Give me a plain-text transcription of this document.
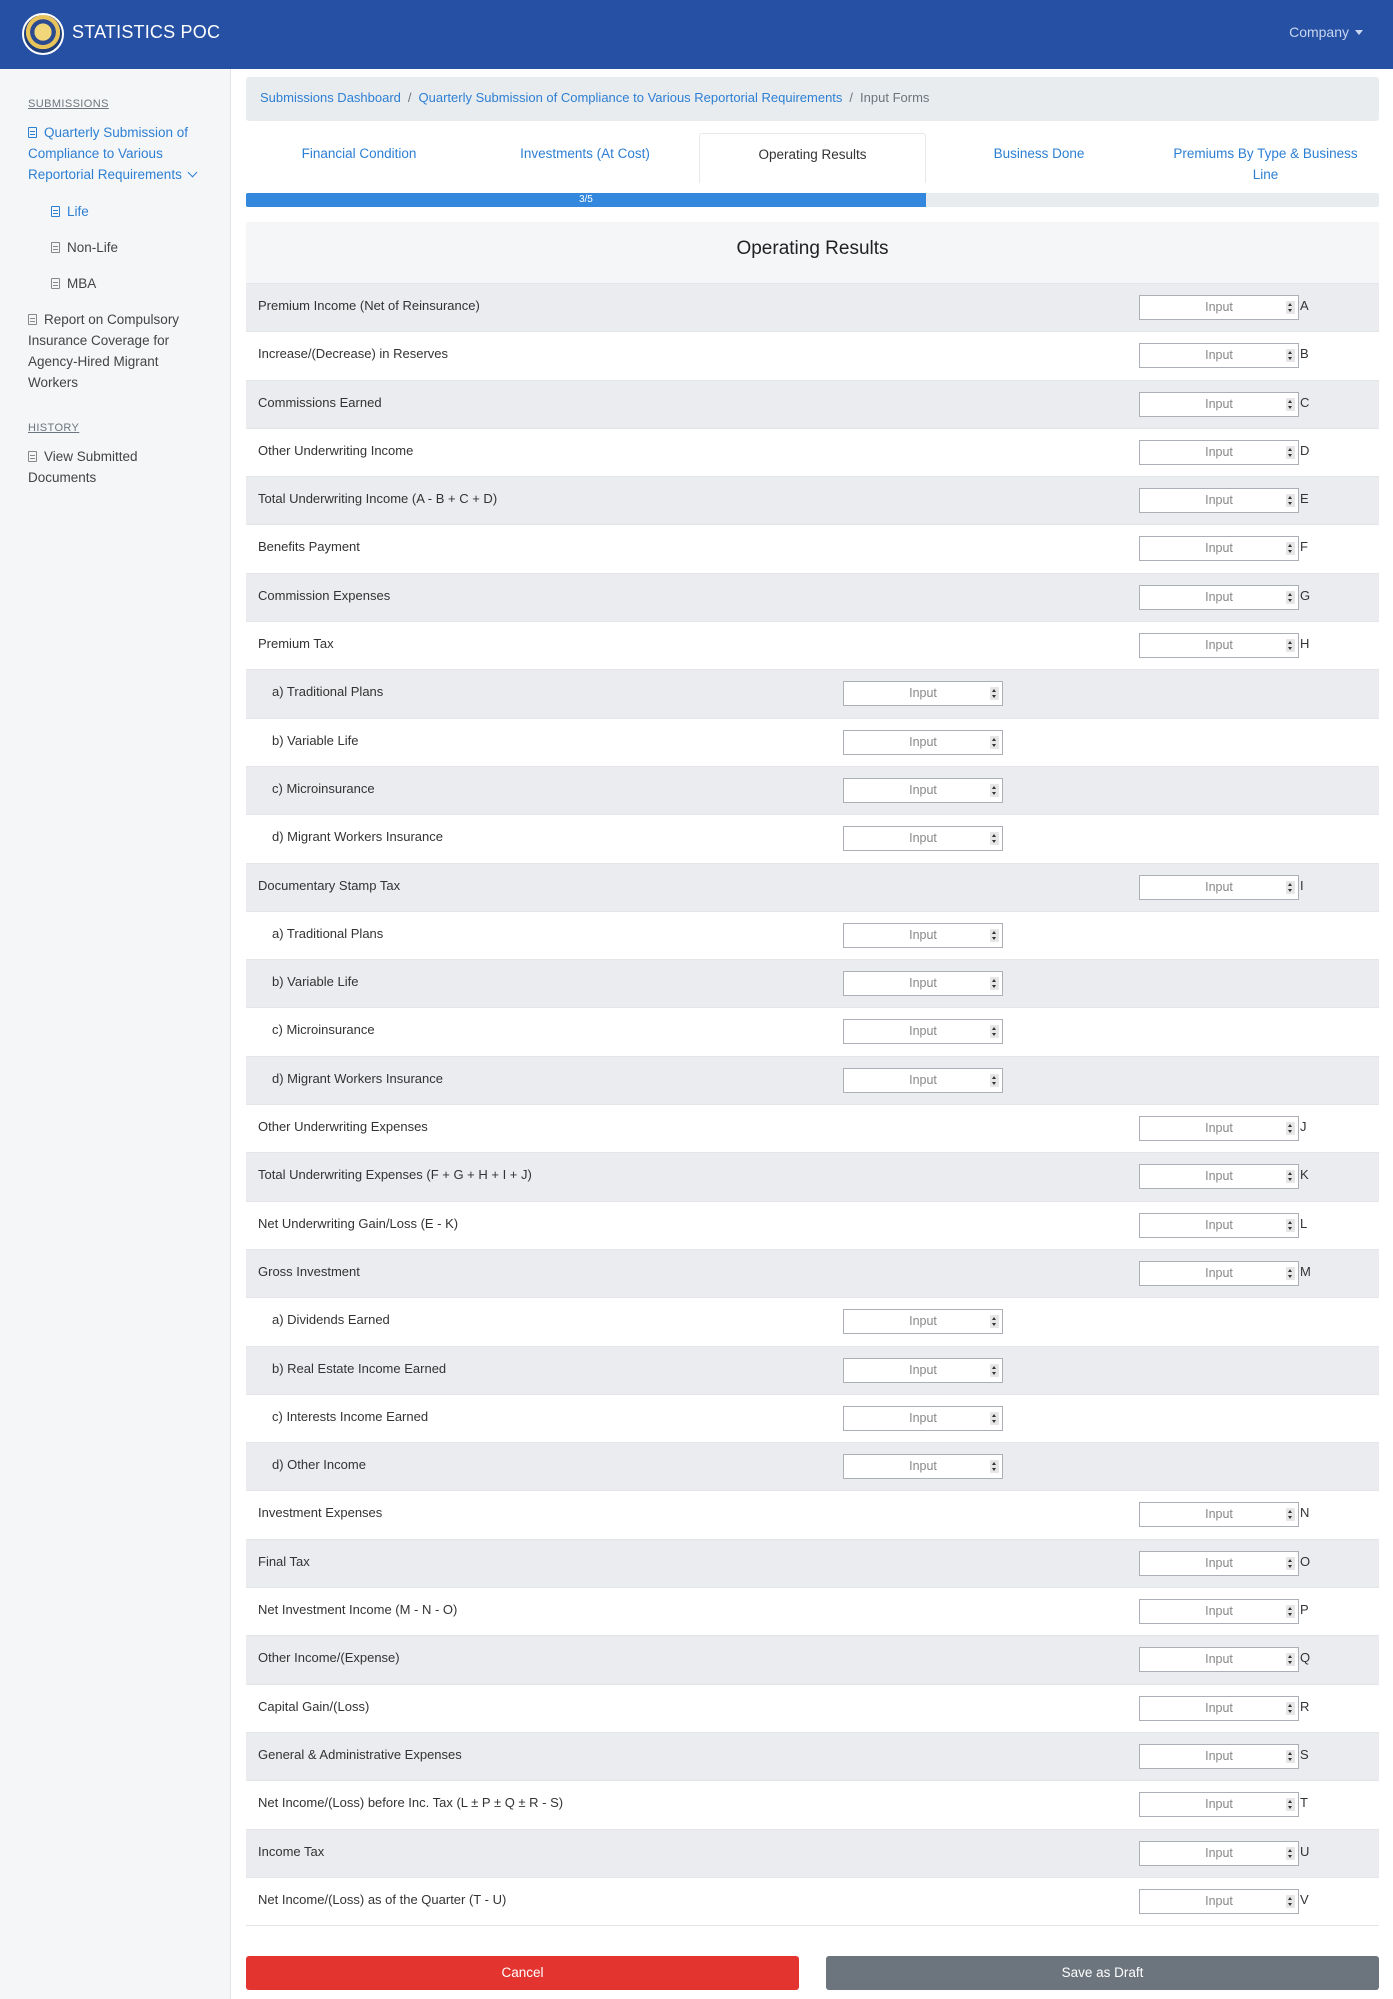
STATISTICS POC	Company
SUBMISSIONS
Quarterly Submission of Compliance to Various Reportorial Requirements
Life
Non-Life
MBA
Report on Compulsory Insurance Coverage for Agency-Hired Migrant Workers
HISTORY
View Submitted Documents
Submissions Dashboard / Quarterly Submission of Compliance to Various Reportorial Requirements / Input Forms
Financial Condition	Investments (At Cost)	Operating Results	Business Done	Premiums By Type & Business Line
3/5
Operating Results
Premium Income (Net of Reinsurance)	Input	A
Increase/(Decrease) in Reserves	Input	B
Commissions Earned	Input	C
Other Underwriting Income	Input	D
Total Underwriting Income (A - B + C + D)	Input	E
Benefits Payment	Input	F
Commission Expenses	Input	G
Premium Tax	Input	H
a) Traditional Plans	Input
b) Variable Life	Input
c) Microinsurance	Input
d) Migrant Workers Insurance	Input
Documentary Stamp Tax	Input	I
a) Traditional Plans	Input
b) Variable Life	Input
c) Microinsurance	Input
d) Migrant Workers Insurance	Input
Other Underwriting Expenses	Input	J
Total Underwriting Expenses (F + G + H + I + J)	Input	K
Net Underwriting Gain/Loss (E - K)	Input	L
Gross Investment	Input	M
a) Dividends Earned	Input
b) Real Estate Income Earned	Input
c) Interests Income Earned	Input
d) Other Income	Input
Investment Expenses	Input	N
Final Tax	Input	O
Net Investment Income (M - N - O)	Input	P
Other Income/(Expense)	Input	Q
Capital Gain/(Loss)	Input	R
General & Administrative Expenses	Input	S
Net Income/(Loss) before Inc. Tax (L ± P ± Q ± R - S)	Input	T
Income Tax	Input	U
Net Income/(Loss) as of the Quarter (T - U)	Input	V
Cancel	Save as Draft
